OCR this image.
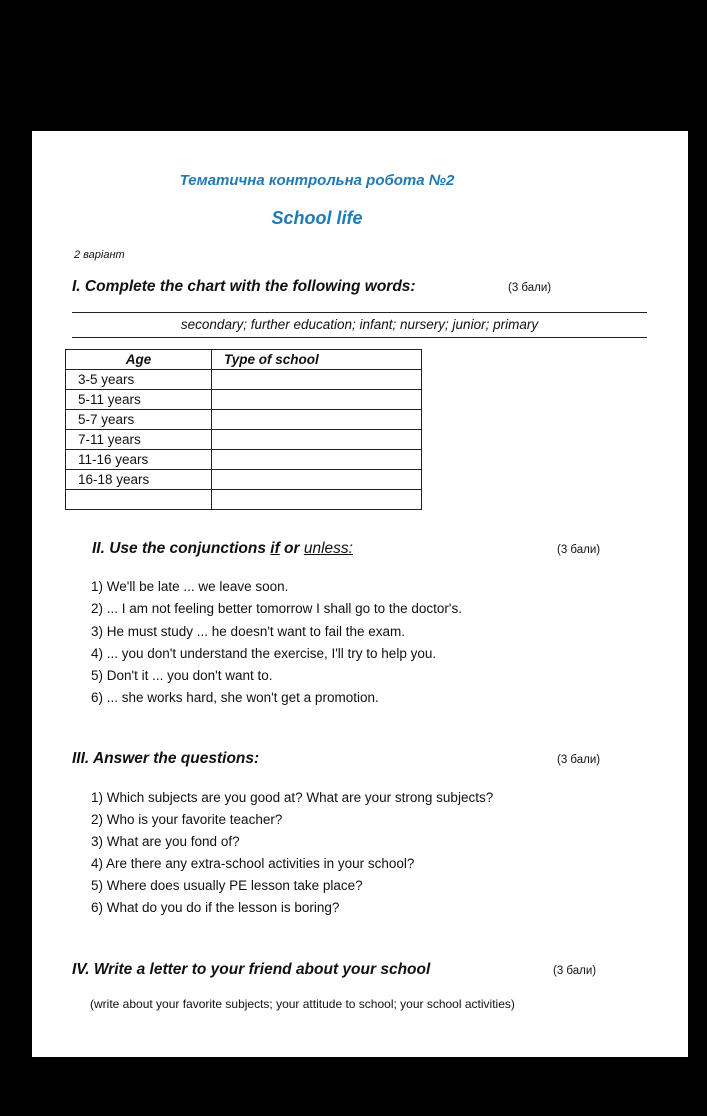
Тематична контрольна робота №2
School life
2 варіант
I. Complete the chart with the following words:	(3 бали)
secondary; further education; infant; nursery; junior; primary
Age	Type of school
3-5 years	
5-11 years	
5-7 years	
7-11 years	
11-16 years	
16-18 years	

II. Use the conjunctions if or unless:	(3 бали)
1) We'll be late ... we leave soon.
2) ... I am not feeling better tomorrow I shall go to the doctor's.
3) He must study ... he doesn't want to fail the exam.
4) ... you don't understand the exercise, I'll try to help you.
5) Don't it ... you don't want to.
6) ... she works hard, she won't get a promotion.
III. Answer the questions:	(3 бали)
1) Which subjects are you good at? What are your strong subjects?
2) Who is your favorite teacher?
3) What are you fond of?
4) Are there any extra-school activities in your school?
5) Where does usually PE lesson take place?
6) What do you do if the lesson is boring?
IV. Write a letter to your friend about your school	(3 бали)
(write about your favorite subjects; your attitude to school; your school activities)
